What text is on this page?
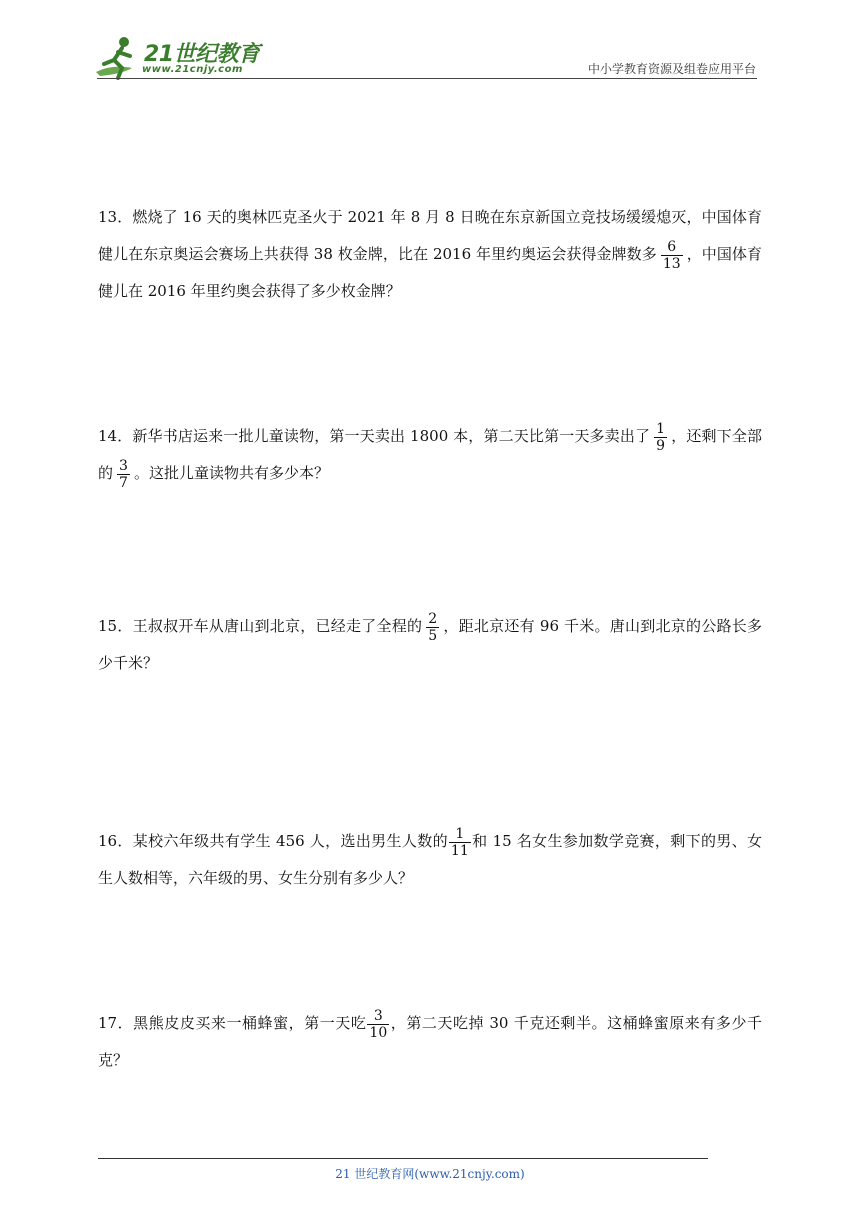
21世纪教育
www.21cnjy.com	中小学教育资源及组卷应用平台
13．燃烧了 16 天的奥林匹克圣火于 2021 年 8 月 8 日晚在东京新国立竞技场缓缓熄灭，中国体育健儿在东京奥运会赛场上共获得 38 枚金牌，比在 2016 年里约奥运会获得金牌数多 $\frac{6}{13}$ ，中国体育健儿在 2016 年里约奥会获得了多少枚金牌？
14．新华书店运来一批儿童读物，第一天卖出 1800 本，第二天比第一天多卖出了 $\frac{1}{9}$ ，还剩下全部的 $\frac{3}{7}$ 。这批儿童读物共有多少本？
15．王叔叔开车从唐山到北京，已经走了全程的 $\frac{2}{5}$ ，距北京还有 96 千米。唐山到北京的公路长多少千米？
16．某校六年级共有学生 456 人，选出男生人数的 $\frac{1}{11}$ 和 15 名女生参加数学竞赛，剩下的男、女生人数相等，六年级的男、女生分别有多少人？
17．黑熊皮皮买来一桶蜂蜜，第一天吃 $\frac{3}{10}$ ，第二天吃掉 30 千克还剩半。这桶蜂蜜原来有多少千克？
21 世纪教育网(www.21cnjy.com)
